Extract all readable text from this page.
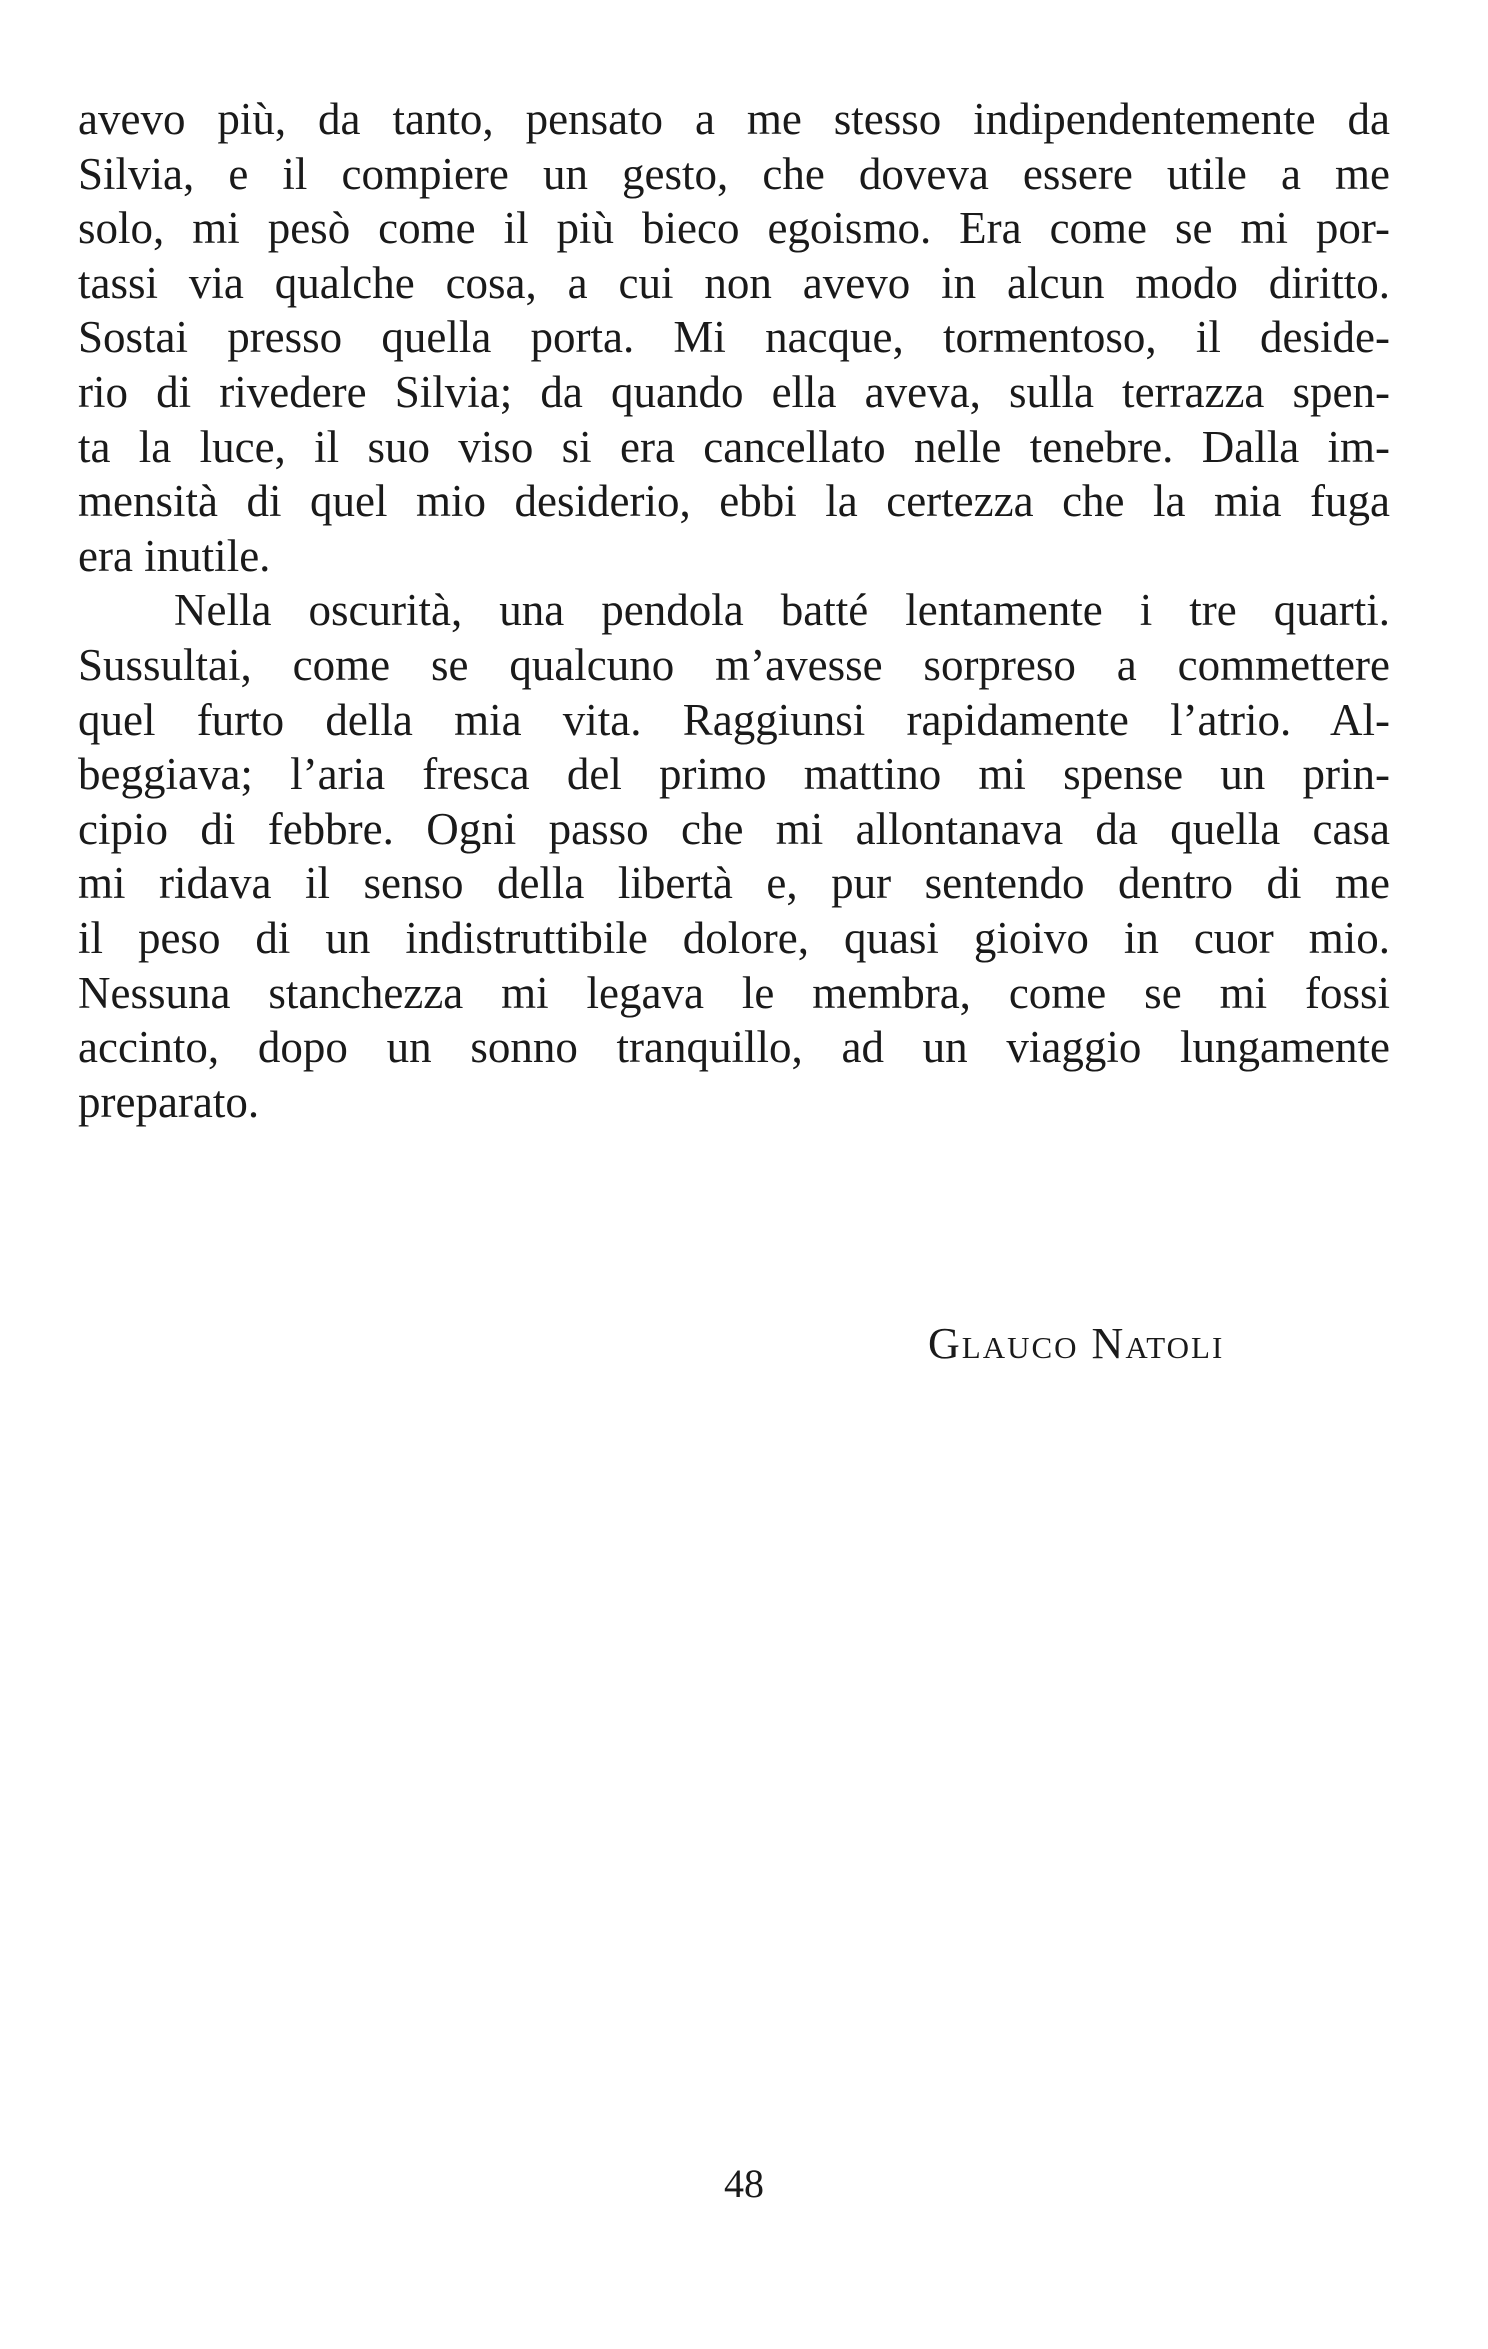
avevo più, da tanto, pensato a me stesso indipendentemente da
Silvia, e il compiere un gesto, che doveva essere utile a me
solo, mi pesò come il più bieco egoismo. Era come se mi por-
tassi via qualche cosa, a cui non avevo in alcun modo diritto.
Sostai presso quella porta. Mi nacque, tormentoso, il deside-
rio di rivedere Silvia; da quando ella aveva, sulla terrazza spen-
ta la luce, il suo viso si era cancellato nelle tenebre. Dalla im-
mensità di quel mio desiderio, ebbi la certezza che la mia fuga
era inutile.
Nella oscurità, una pendola batté lentamente i tre quarti.
Sussultai, come se qualcuno m’avesse sorpreso a commettere
quel furto della mia vita. Raggiunsi rapidamente l’atrio. Al-
beggiava; l’aria fresca del primo mattino mi spense un prin-
cipio di febbre. Ogni passo che mi allontanava da quella casa
mi ridava il senso della libertà e, pur sentendo dentro di me
il peso di un indistruttibile dolore, quasi gioivo in cuor mio.
Nessuna stanchezza mi legava le membra, come se mi fossi
accinto, dopo un sonno tranquillo, ad un viaggio lungamente
preparato.
Glauco Natoli
48
